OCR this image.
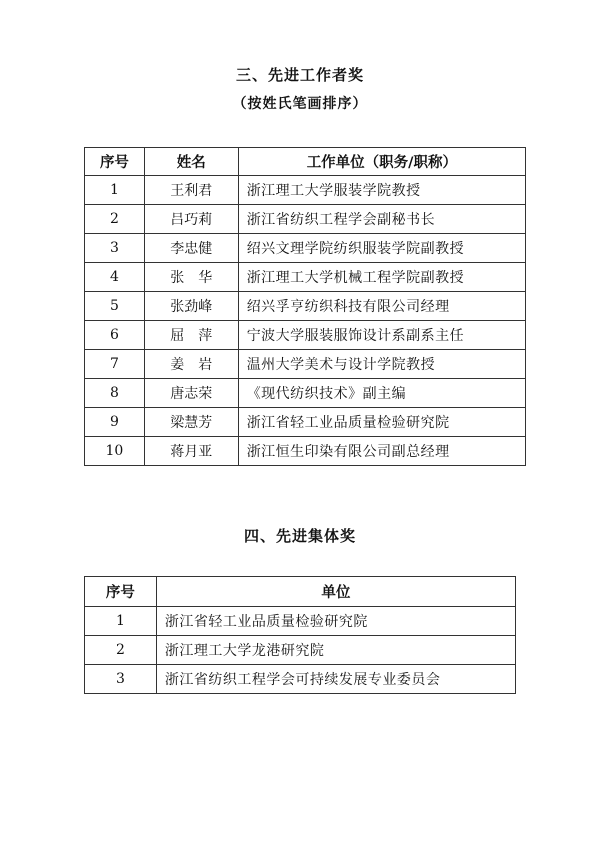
三、先进工作者奖
（按姓氏笔画排序）
序号	姓名	工作单位（职务/职称）
1	王利君	浙江理工大学服装学院教授
2	吕巧莉	浙江省纺织工程学会副秘书长
3	李忠健	绍兴文理学院纺织服装学院副教授
4	张　华	浙江理工大学机械工程学院副教授
5	张劲峰	绍兴孚亨纺织科技有限公司经理
6	屈　萍	宁波大学服装服饰设计系副系主任
7	姜　岩	温州大学美术与设计学院教授
8	唐志荣	《现代纺织技术》副主编
9	梁慧芳	浙江省轻工业品质量检验研究院
10	蒋月亚	浙江恒生印染有限公司副总经理
四、先进集体奖
序号	单位
1	浙江省轻工业品质量检验研究院
2	浙江理工大学龙港研究院
3	浙江省纺织工程学会可持续发展专业委员会
